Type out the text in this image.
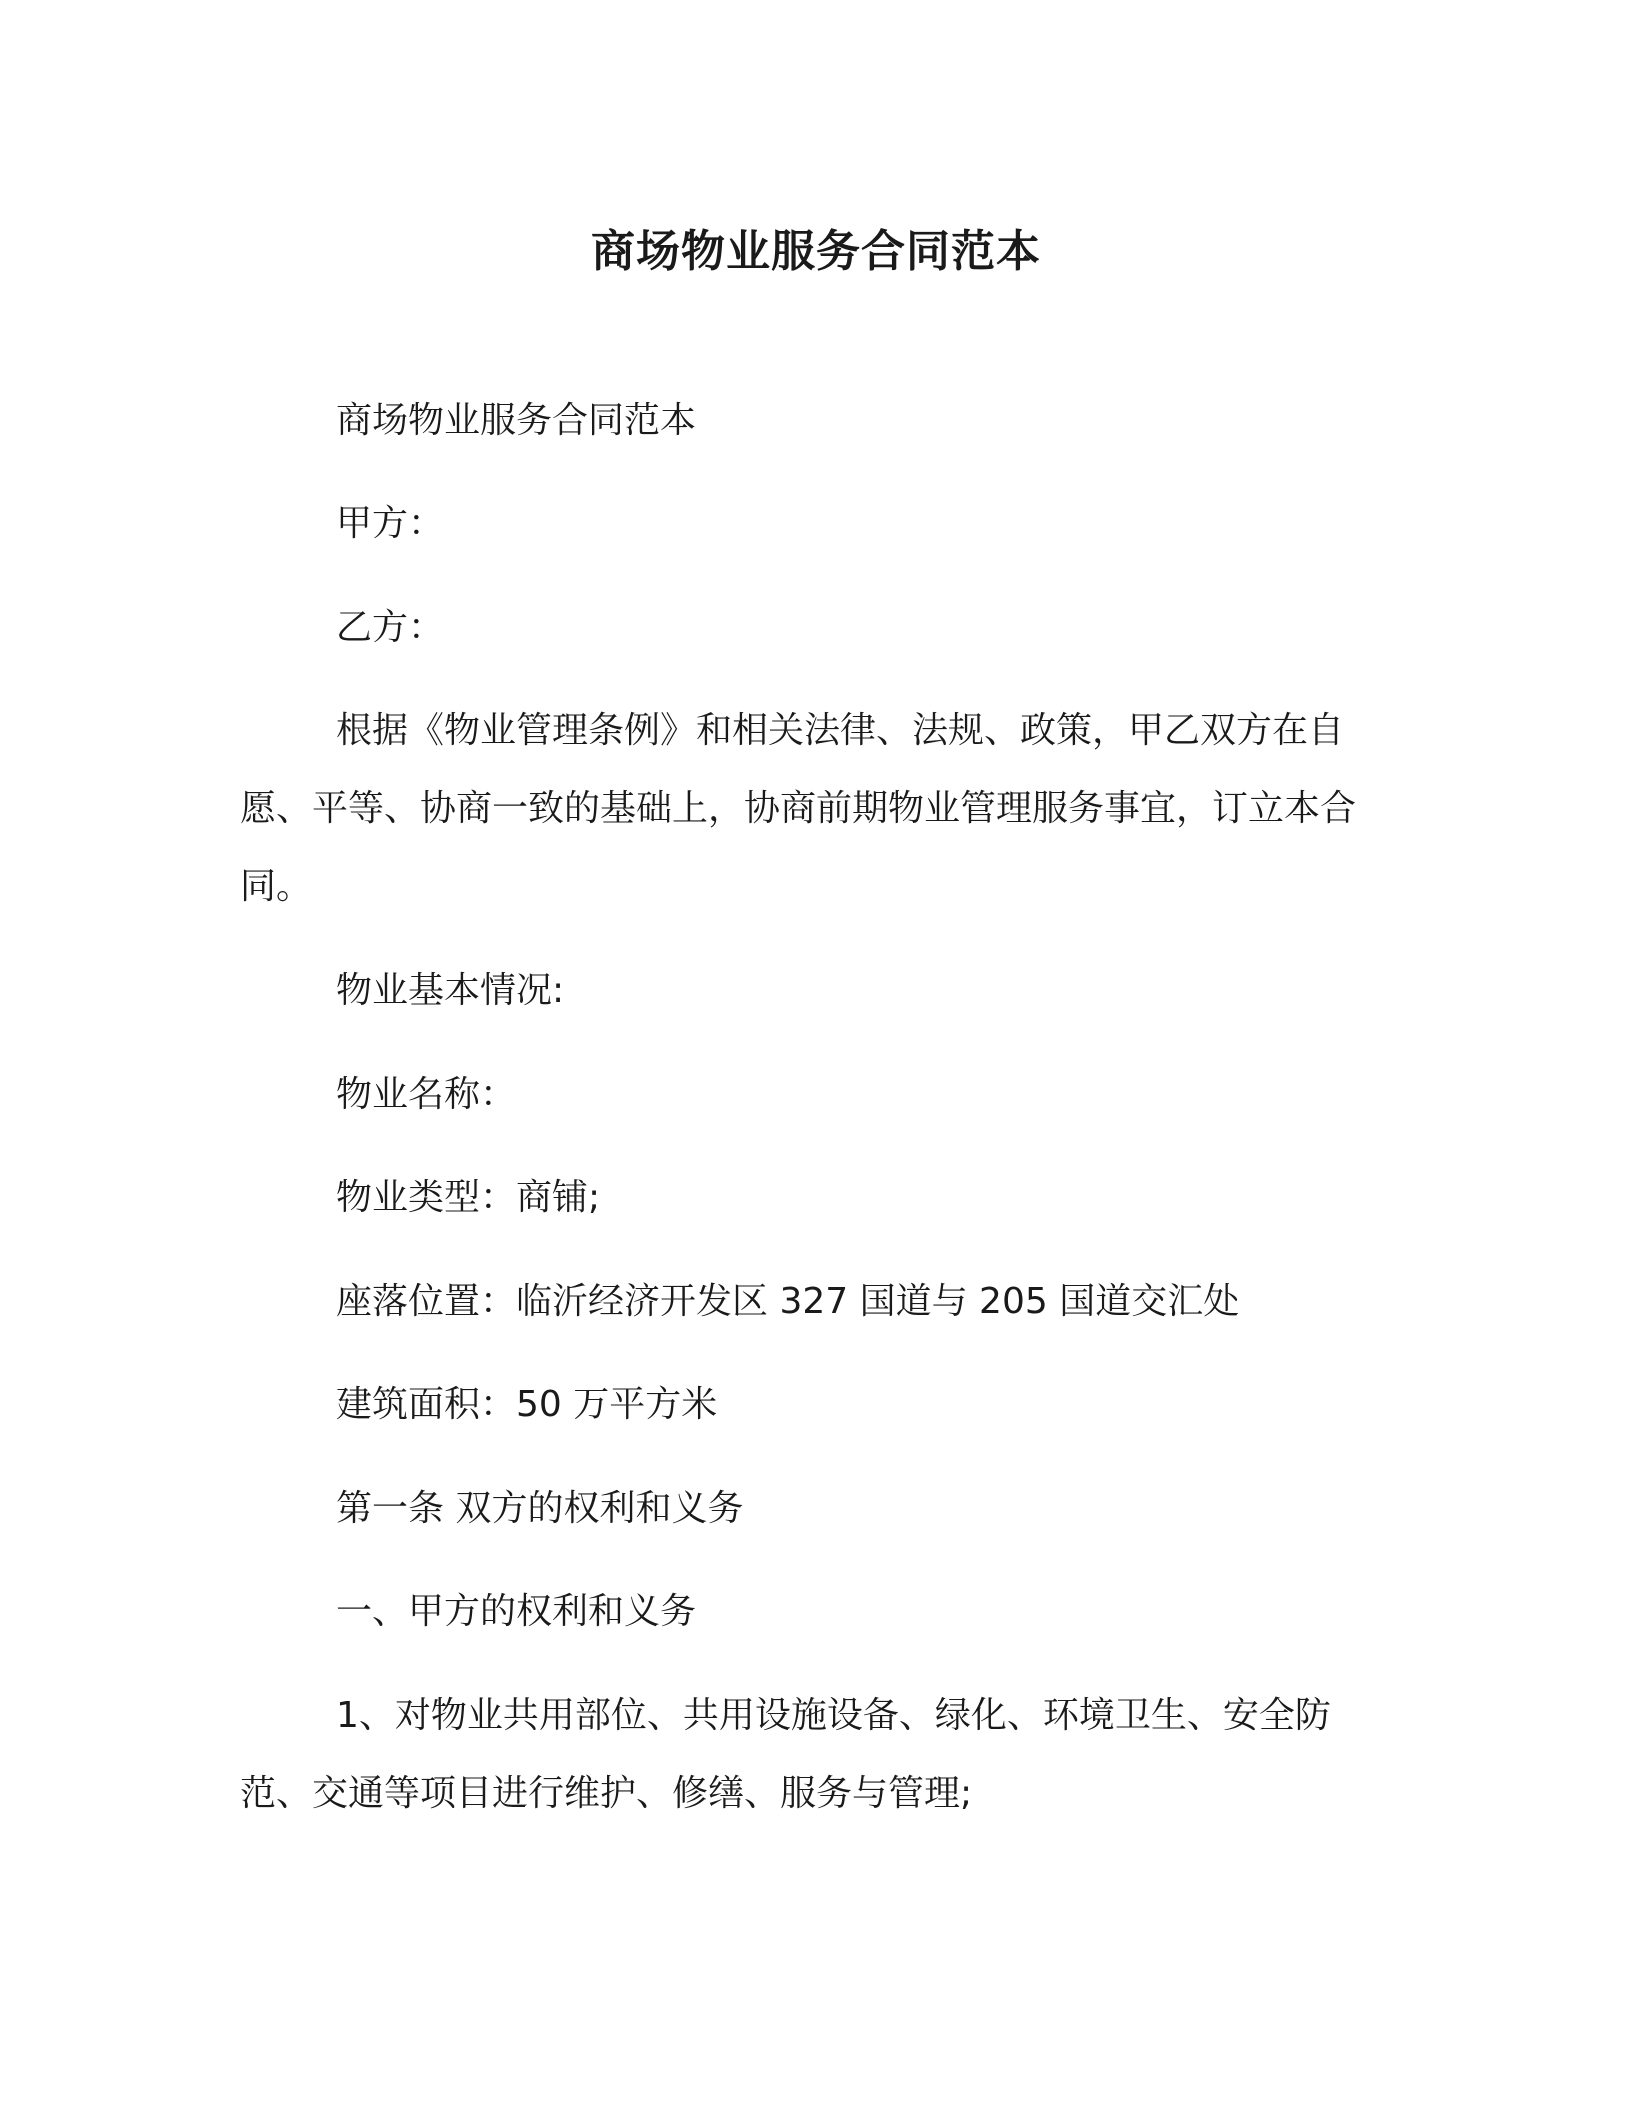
商场物业服务合同范本

商场物业服务合同范本

甲方：

乙方：

根据《物业管理条例》和相关法律、法规、政策，甲乙双方在自愿、平等、协商一致的基础上，协商前期物业管理服务事宜，订立本合同。

物业基本情况:

物业名称：

物业类型：商铺;

座落位置：临沂经济开发区 327 国道与 205 国道交汇处

建筑面积：50 万平方米

第一条 双方的权利和义务

一、甲方的权利和义务

1、对物业共用部位、共用设施设备、绿化、环境卫生、安全防范、交通等项目进行维护、修缮、服务与管理;
